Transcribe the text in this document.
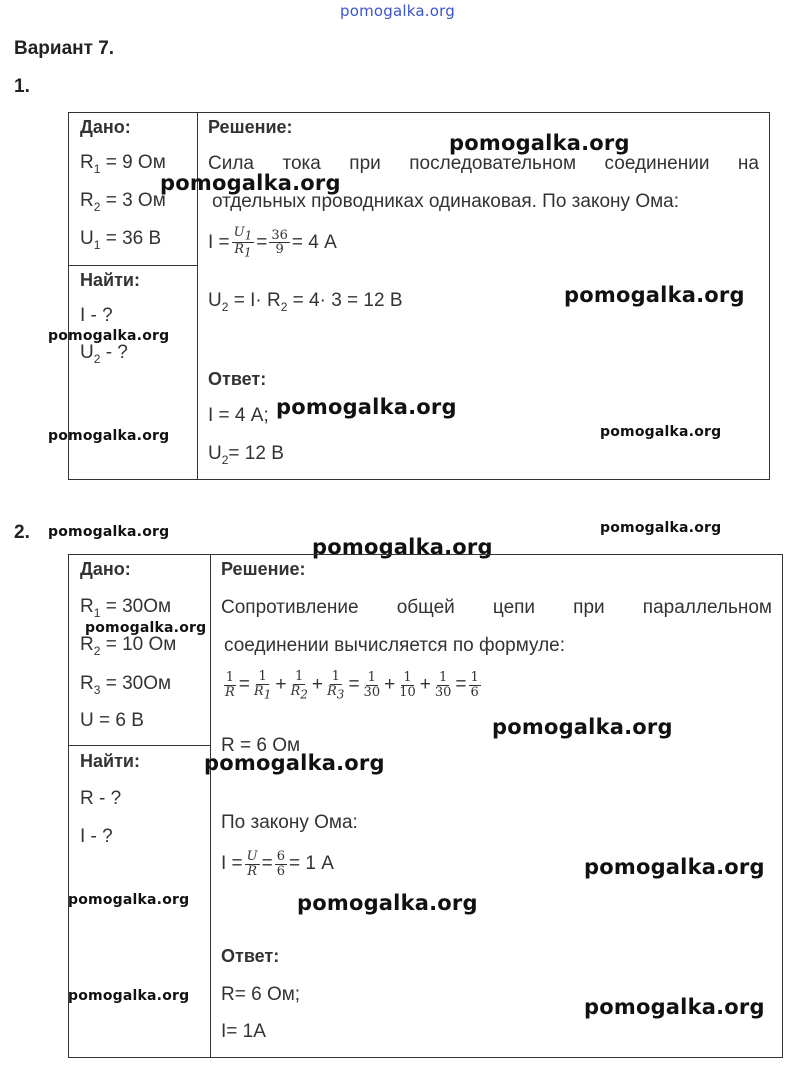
pomogalka.org
Вариант 7.
1.
Дано:
$R_1 = 9$ Ом
$R_2 = 3$ Ом
$U_1 = 36$ В
Найти:
I - ?
$U_2$ - ?
Решение:
Сила тока при последовательном соединении на
отдельных проводниках одинаковая. По закону Ома:
$I = \frac{U_1}{R_1} = \frac{36}{9} = 4$ А
$U_2 = I\cdot R_2 = 4\cdot 3 = 12$ В
Ответ:
I = 4 А;
$U_2= 12$ В
pomogalka.org
pomogalka.org
pomogalka.org
pomogalka.org
pomogalka.org
pomogalka.org	pomogalka.org
2. pomogalka.org	pomogalka.org
pomogalka.org
Дано:
$R_1 = 30Ом$
$R_2 = 10$ Ом
$R_3 = 30Ом$
U = 6 В
Найти:
R - ?
I - ?
Решение:
Сопротивление общей цепи при параллельном
соединении вычисляется по формуле:
$\frac{1}{R} = \frac{1}{R_1} + \frac{1}{R_2} + \frac{1}{R_3} = \frac{1}{30} + \frac{1}{10} + \frac{1}{30} = \frac{1}{6}$
R = 6 Ом
По закону Ома:
$I = \frac{U}{R} = \frac{6}{6} = 1$ А
Ответ:
R= 6 Ом;
I= 1А
pomogalka.org
pomogalka.org
pomogalka.org
pomogalka.org
pomogalka.org	pomogalka.org
pomogalka.org	pomogalka.org
